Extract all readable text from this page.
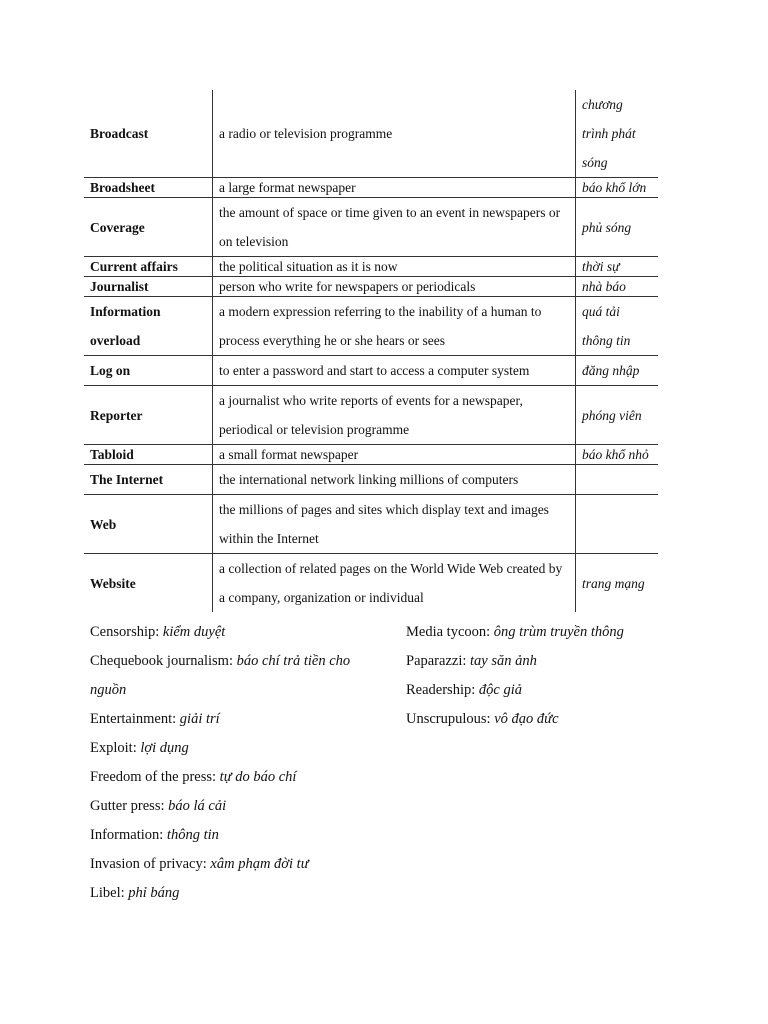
Broadcast	a radio or television programme	chương trình phát sóng
Broadsheet	a large format newspaper	báo khổ lớn
Coverage	the amount of space or time given to an event in newspapers or on television	phủ sóng
Current affairs	the political situation as it is now	thời sự
Journalist	person who write for newspapers or periodicals	nhà báo
Information overload	a modern expression referring to the inability of a human to process everything he or she hears or sees	quá tải thông tin
Log on	to enter a password and start to access a computer system	đăng nhập
Reporter	a journalist who write reports of events for a newspaper, periodical or television programme	phóng viên
Tabloid	a small format newspaper	báo khổ nhỏ
The Internet	the international network linking millions of computers	
Web	the millions of pages and sites which display text and images within the Internet	
Website	a collection of related pages on the World Wide Web created by a company, organization or individual	trang mạng

Censorship: kiểm duyệt

Chequebook journalism: báo chí trả tiền cho nguồn

Entertainment: giải trí

Exploit: lợi dụng

Freedom of the press: tự do báo chí

Gutter press: báo lá cải

Information: thông tin

Invasion of privacy: xâm phạm đời tư

Libel: phỉ báng

Media tycoon: ông trùm truyền thông

Paparazzi: tay săn ảnh

Readership: độc giả

Unscrupulous: vô đạo đức
